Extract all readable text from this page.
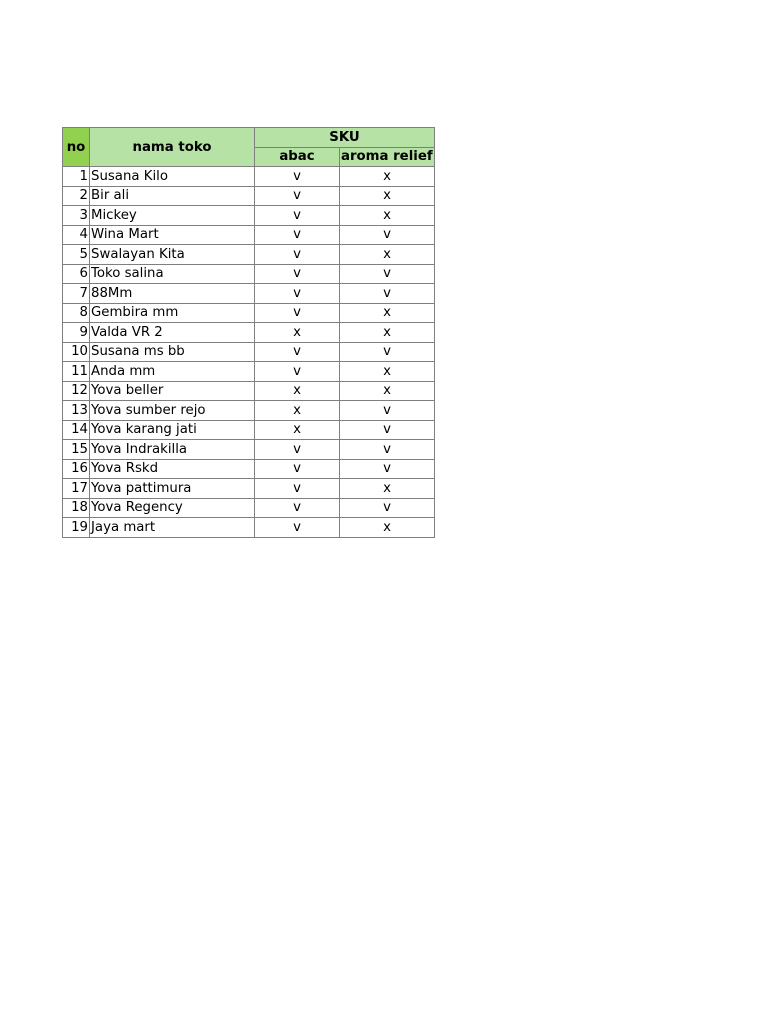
no	nama toko	SKU	
		abac	aroma relief
1	Susana Kilo	v	x
2	Bir ali	v	x
3	Mickey	v	x
4	Wina Mart	v	v
5	Swalayan Kita	v	x
6	Toko salina	v	v
7	88Mm	v	v
8	Gembira mm	v	x
9	Valda VR 2	x	x
10	Susana ms bb	v	v
11	Anda mm	v	x
12	Yova beller	x	x
13	Yova sumber rejo	x	v
14	Yova karang jati	x	v
15	Yova Indrakilla	v	v
16	Yova Rskd	v	v
17	Yova pattimura	v	x
18	Yova Regency	v	v
19	Jaya mart	v	x
